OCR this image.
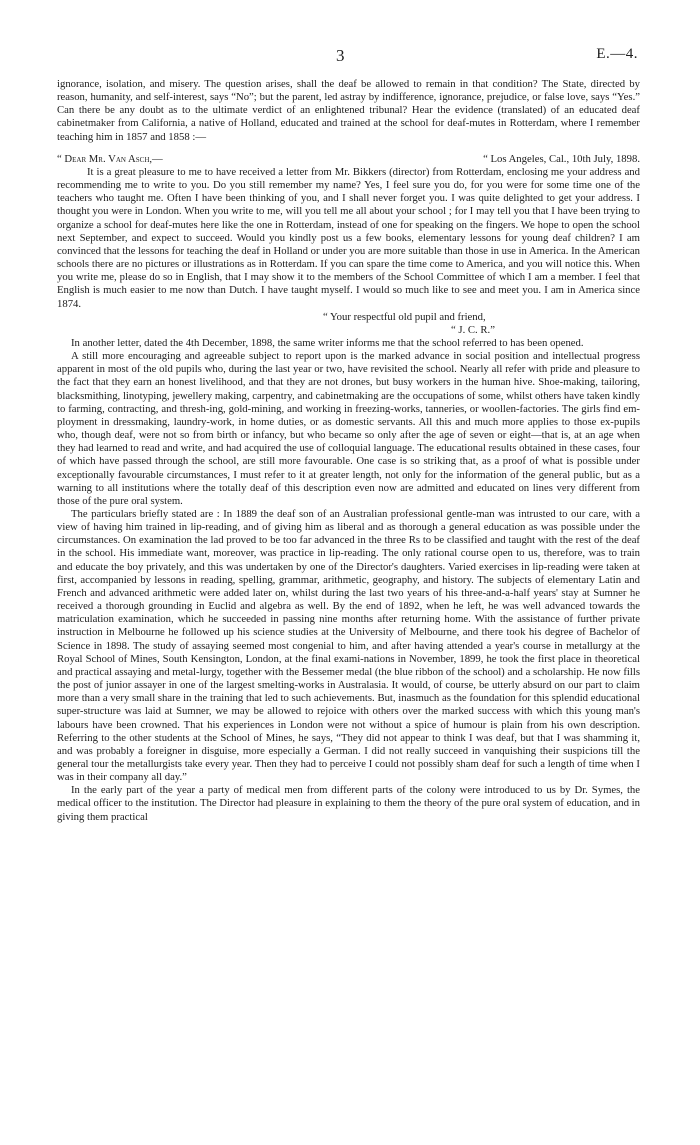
3	E.—4.

ignorance, isolation, and misery. The question arises, shall the deaf be allowed to remain in that condition? The State, directed by reason, humanity, and self-interest, says “No”; but the parent, led astray by indifference, ignorance, prejudice, or false love, says “Yes.” Can there be any doubt as to the ultimate verdict of an enlightened tribunal? Hear the evidence (translated) of an educated deaf cabinetmaker from California, a native of Holland, educated and trained at the school for deaf-mutes in Rotterdam, where I remember teaching him in 1857 and 1858 :—

“ Dear Mr. Van Asch,—	“ Los Angeles, Cal., 10th July, 1898.

It is a great pleasure to me to have received a letter from Mr. Bikkers (director) from Rotterdam, enclosing me your address and recommending me to write to you. Do you still remember my name? Yes, I feel sure you do, for you were for some time one of the teachers who taught me. Often I have been thinking of you, and I shall never forget you. I was quite delighted to get your address. I thought you were in London. When you write to me, will you tell me all about your school ; for I may tell you that I have been trying to organize a school for deaf-mutes here like the one in Rotterdam, instead of one for speaking on the fingers. We hope to open the school next September, and expect to succeed. Would you kindly post us a few books, elementary lessons for young deaf children? I am convinced that the lessons for teaching the deaf in Holland or under you are more suitable than those in use in America. In the American schools there are no pictures or illustrations as in Rotterdam. If you can spare the time come to America, and you will notice this. When you write me, please do so in English, that I may show it to the members of the School Committee of which I am a member. I feel that English is much easier to me now than Dutch. I have taught myself. I would so much like to see and meet you. I am in America since 1874.

“ Your respectful old pupil and friend,

“ J. C. R.”

In another letter, dated the 4th December, 1898, the same writer informs me that the school referred to has been opened.

A still more encouraging and agreeable subject to report upon is the marked advance in social position and intellectual progress apparent in most of the old pupils who, during the last year or two, have revisited the school. Nearly all refer with pride and pleasure to the fact that they earn an honest livelihood, and that they are not drones, but busy workers in the human hive. Shoe-making, tailoring, blacksmithing, linotyping, jewellery making, carpentry, and cabinetmaking are the occupations of some, whilst others have taken kindly to farming, contracting, and thresh-ing, gold-mining, and working in freezing-works, tanneries, or woollen-factories. The girls find em-ployment in dressmaking, laundry-work, in home duties, or as domestic servants. All this and much more applies to those ex-pupils who, though deaf, were not so from birth or infancy, but who became so only after the age of seven or eight—that is, at an age when they had learned to read and write, and had acquired the use of colloquial language. The educational results obtained in these cases, four of which have passed through the school, are still more favourable. One case is so striking that, as a proof of what is possible under exceptionally favourable circumstances, I must refer to it at greater length, not only for the information of the general public, but as a warning to all institutions where the totally deaf of this description even now are admitted and educated on lines very different from those of the pure oral system.

The particulars briefly stated are : In 1889 the deaf son of an Australian professional gentle-man was intrusted to our care, with a view of having him trained in lip-reading, and of giving him as liberal and as thorough a general education as was possible under the circumstances. On examination the lad proved to be too far advanced in the three Rs to be classified and taught with the rest of the deaf in the school. His immediate want, moreover, was practice in lip-reading. The only rational course open to us, therefore, was to train and educate the boy privately, and this was undertaken by one of the Director's daughters. Varied exercises in lip-reading were taken at first, accompanied by lessons in reading, spelling, grammar, arithmetic, geography, and history. The subjects of elementary Latin and French and advanced arithmetic were added later on, whilst during the last two years of his three-and-a-half years' stay at Sumner he received a thorough grounding in Euclid and algebra as well. By the end of 1892, when he left, he was well advanced towards the matriculation examination, which he succeeded in passing nine months after returning home. With the assistance of further private instruction in Melbourne he followed up his science studies at the University of Melbourne, and there took his degree of Bachelor of Science in 1898. The study of assaying seemed most congenial to him, and after having attended a year's course in metallurgy at the Royal School of Mines, South Kensington, London, at the final exami-nations in November, 1899, he took the first place in theoretical and practical assaying and metal-lurgy, together with the Bessemer medal (the blue ribbon of the school) and a scholarship. He now fills the post of junior assayer in one of the largest smelting-works in Australasia. It would, of course, be utterly absurd on our part to claim more than a very small share in the training that led to such achievements. But, inasmuch as the foundation for this splendid educational super-structure was laid at Sumner, we may be allowed to rejoice with others over the marked success with which this young man's labours have been crowned. That his experiences in London were not without a spice of humour is plain from his own description. Referring to the other students at the School of Mines, he says, “They did not appear to think I was deaf, but that I was shamming it, and was probably a foreigner in disguise, more especially a German. I did not really succeed in vanquishing their suspicions till the general tour the metallurgists take every year. Then they had to perceive I could not possibly sham deaf for such a length of time when I was in their company all day.”

In the early part of the year a party of medical men from different parts of the colony were introduced to us by Dr. Symes, the medical officer to the institution. The Director had pleasure in explaining to them the theory of the pure oral system of education, and in giving them practical
